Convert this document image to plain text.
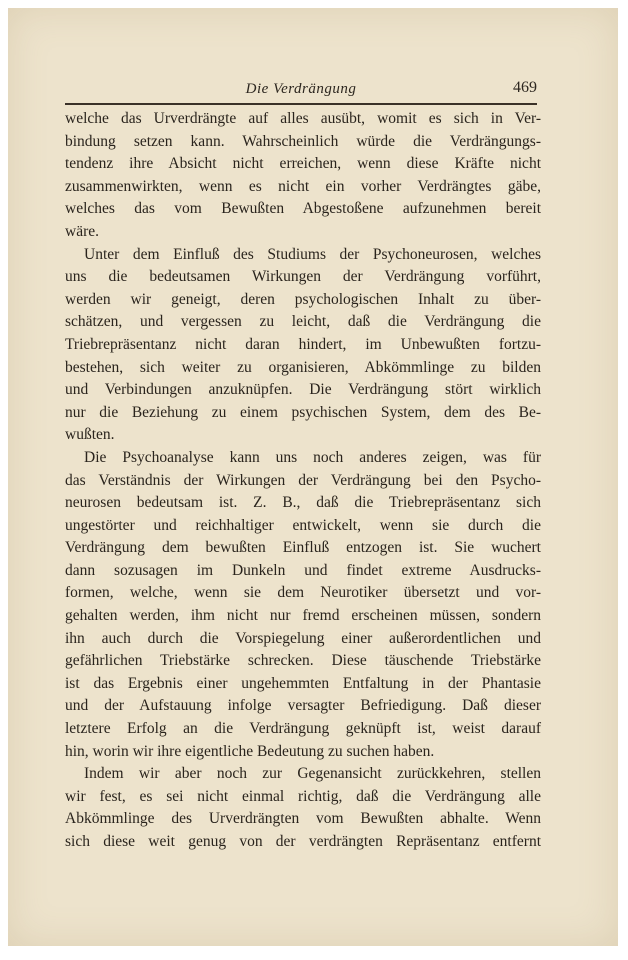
Die Verdrängung	469

welche das Urverdrängte auf alles ausübt, womit es sich in Ver-
bindung setzen kann. Wahrscheinlich würde die Verdrängungs-
tendenz ihre Absicht nicht erreichen, wenn diese Kräfte nicht
zusammenwirkten, wenn es nicht ein vorher Verdrängtes gäbe,
welches das vom Bewußten Abgestoßene aufzunehmen bereit
wäre.

Unter dem Einfluß des Studiums der Psychoneurosen, welches
uns die bedeutsamen Wirkungen der Verdrängung vorführt,
werden wir geneigt, deren psychologischen Inhalt zu über-
schätzen, und vergessen zu leicht, daß die Verdrängung die
Triebrepräsentanz nicht daran hindert, im Unbewußten fortzu-
bestehen, sich weiter zu organisieren, Abkömmlinge zu bilden
und Verbindungen anzuknüpfen. Die Verdrängung stört wirklich
nur die Beziehung zu einem psychischen System, dem des Be-
wußten.

Die Psychoanalyse kann uns noch anderes zeigen, was für
das Verständnis der Wirkungen der Verdrängung bei den Psycho-
neurosen bedeutsam ist. Z. B., daß die Triebrepräsentanz sich
ungestörter und reichhaltiger entwickelt, wenn sie durch die
Verdrängung dem bewußten Einfluß entzogen ist. Sie wuchert
dann sozusagen im Dunkeln und findet extreme Ausdrucks-
formen, welche, wenn sie dem Neurotiker übersetzt und vor-
gehalten werden, ihm nicht nur fremd erscheinen müssen, sondern
ihn auch durch die Vorspiegelung einer außerordentlichen und
gefährlichen Triebstärke schrecken. Diese täuschende Triebstärke
ist das Ergebnis einer ungehemmten Entfaltung in der Phantasie
und der Aufstauung infolge versagter Befriedigung. Daß dieser
letztere Erfolg an die Verdrängung geknüpft ist, weist darauf
hin, worin wir ihre eigentliche Bedeutung zu suchen haben.

Indem wir aber noch zur Gegenansicht zurückkehren, stellen
wir fest, es sei nicht einmal richtig, daß die Verdrängung alle
Abkömmlinge des Urverdrängten vom Bewußten abhalte. Wenn
sich diese weit genug von der verdrängten Repräsentanz entfernt
